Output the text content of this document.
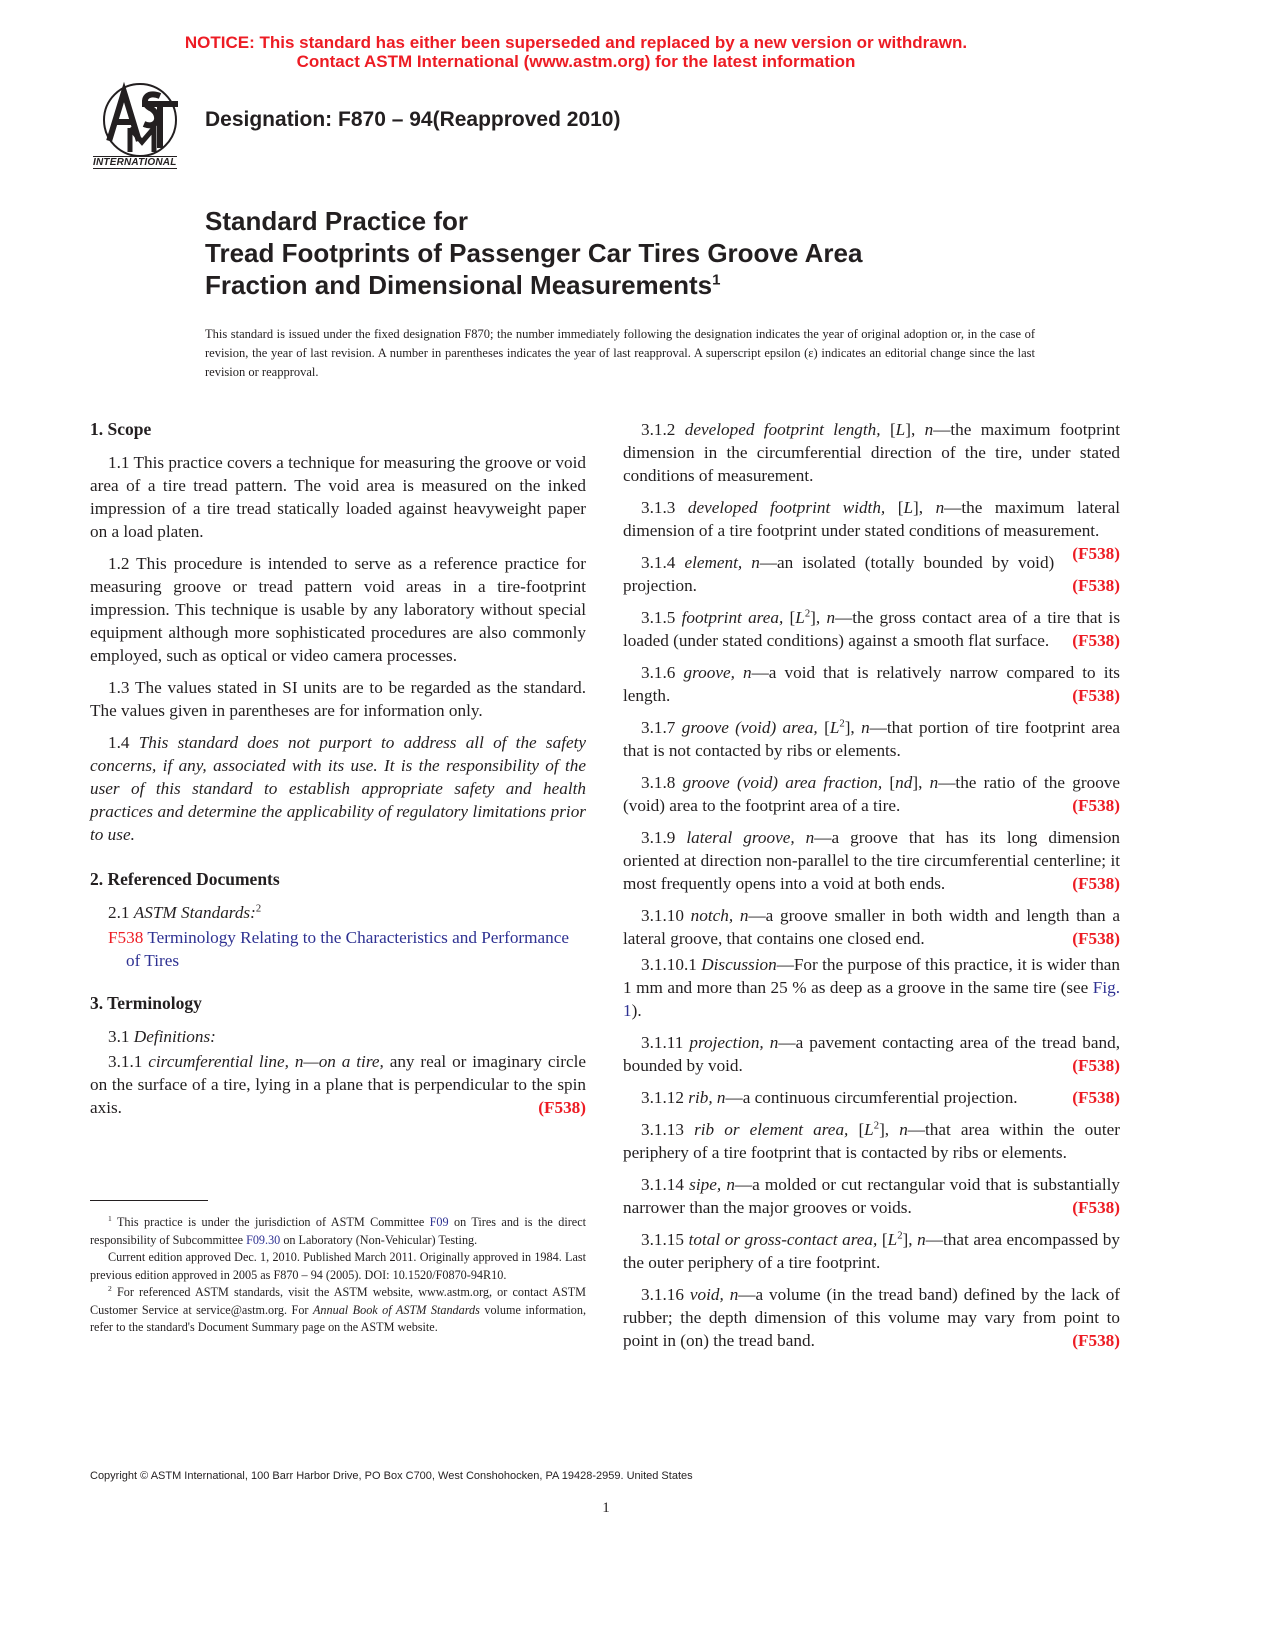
NOTICE: This standard has either been superseded and replaced by a new version or withdrawn.
Contact ASTM International (www.astm.org) for the latest information
INTERNATIONAL
Designation: F870 – 94(Reapproved 2010)
Standard Practice for
Tread Footprints of Passenger Car Tires Groove Area
Fraction and Dimensional Measurements$^1$
This standard is issued under the fixed designation F870; the number immediately following the designation indicates the year of original adoption or, in the case of revision, the year of last revision. A number in parentheses indicates the year of last reapproval. A superscript epsilon (ε) indicates an editorial change since the last revision or reapproval.
1. Scope

1.1 This practice covers a technique for measuring the groove or void area of a tire tread pattern. The void area is measured on the inked impression of a tire tread statically loaded against heavyweight paper on a load platen.

1.2 This procedure is intended to serve as a reference practice for measuring groove or tread pattern void areas in a tire-footprint impression. This technique is usable by any laboratory without special equipment although more sophisticated procedures are also commonly employed, such as optical or video camera processes.

1.3 The values stated in SI units are to be regarded as the standard. The values given in parentheses are for information only.

1.4 This standard does not purport to address all of the safety concerns, if any, associated with its use. It is the responsibility of the user of this standard to establish appropriate safety and health practices and determine the applicability of regulatory limitations prior to use.

2. Referenced Documents

2.1 ASTM Standards:$^2$

F538 Terminology Relating to the Characteristics and Performance of Tires
3. Terminology

3.1 Definitions:

3.1.1 circumferential line, n—on a tire, any real or imaginary circle on the surface of a tire, lying in a plane that is perpendicular to the spin axis.	(F538)

$^1$ This practice is under the jurisdiction of ASTM Committee F09 on Tires and is the direct responsibility of Subcommittee F09.30 on Laboratory (Non-Vehicular) Testing.

Current edition approved Dec. 1, 2010. Published March 2011. Originally approved in 1984. Last previous edition approved in 2005 as F870 – 94 (2005). DOI: 10.1520/F0870-94R10.

$^2$ For referenced ASTM standards, visit the ASTM website, www.astm.org, or contact ASTM Customer Service at service@astm.org. For Annual Book of ASTM Standards volume information, refer to the standard's Document Summary page on the ASTM website.

3.1.2 developed footprint length, [L], n—the maximum footprint dimension in the circumferential direction of the tire, under stated conditions of measurement.

3.1.3 developed footprint width, [L], n—the maximum lateral dimension of a tire footprint under stated conditions of measurement.
(F538)

3.1.4 element, n—an isolated (totally bounded by void) projection.	(F538)

3.1.5 footprint area, $[L^2]$, n—the gross contact area of a tire that is loaded (under stated conditions) against a smooth flat surface.	(F538)

3.1.6 groove, n—a void that is relatively narrow compared to its length.	(F538)

3.1.7 groove (void) area, $[L^2]$, n—that portion of tire footprint area that is not contacted by ribs or elements.

3.1.8 groove (void) area fraction, [nd], n—the ratio of the groove (void) area to the footprint area of a tire.	(F538)

3.1.9 lateral groove, n—a groove that has its long dimension oriented at direction non-parallel to the tire circumferential centerline; it most frequently opens into a void at both ends.	(F538)

3.1.10 notch, n—a groove smaller in both width and length than a lateral groove, that contains one closed end.	(F538)

3.1.10.1 Discussion—For the purpose of this practice, it is wider than 1 mm and more than 25 % as deep as a groove in the same tire (see Fig. 1).

3.1.11 projection, n—a pavement contacting area of the tread band, bounded by void.	(F538)

3.1.12 rib, n—a continuous circumferential projection.	(F538)

3.1.13 rib or element area, $[L^2]$, n—that area within the outer periphery of a tire footprint that is contacted by ribs or elements.

3.1.14 sipe, n—a molded or cut rectangular void that is substantially narrower than the major grooves or voids.	(F538)

3.1.15 total or gross-contact area, $[L^2]$, n—that area encompassed by the outer periphery of a tire footprint.

3.1.16 void, n—a volume (in the tread band) defined by the lack of rubber; the depth dimension of this volume may vary from point to point in (on) the tread band.	(F538)

Copyright © ASTM International, 100 Barr Harbor Drive, PO Box C700, West Conshohocken, PA 19428-2959. United States
1
